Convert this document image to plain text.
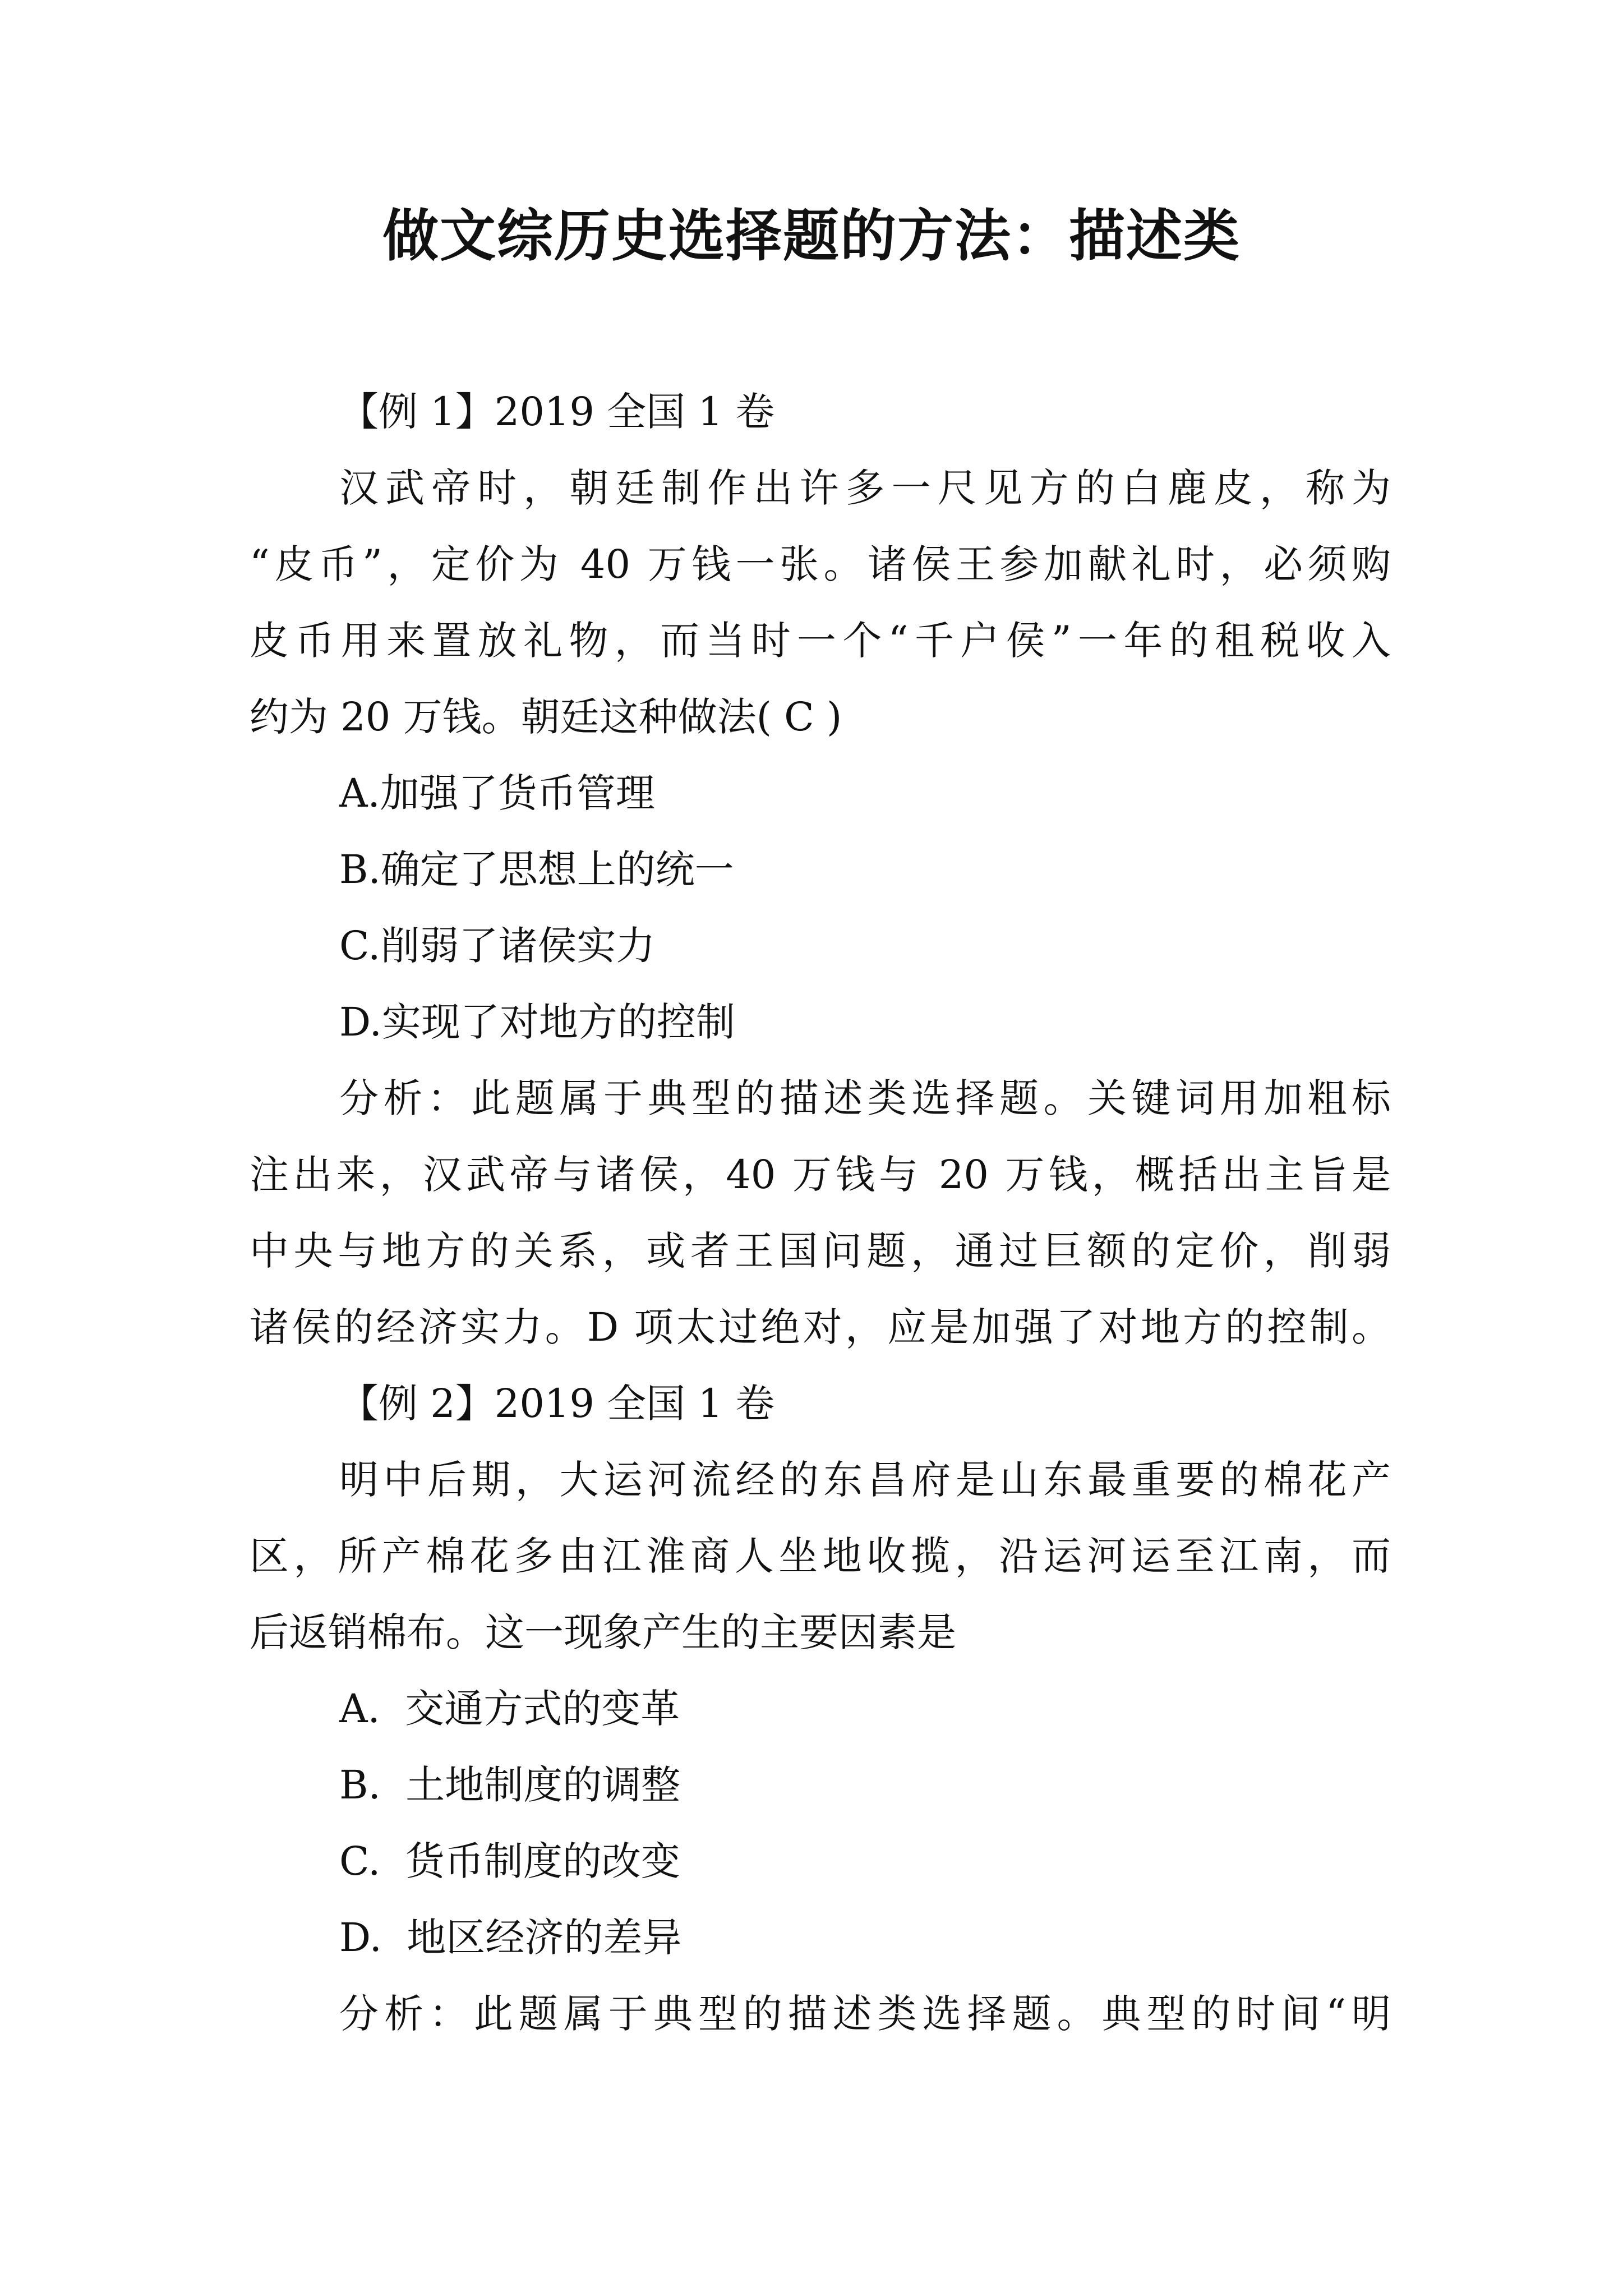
做文综历史选择题的方法：描述类

【例 1】2019 全国 1 卷

汉武帝时，朝廷制作出许多一尺见方的白鹿皮，称为

“皮币”，定价为 40 万钱一张。诸侯王参加献礼时，必须购

皮币用来置放礼物，而当时一个“千户侯”一年的租税收入

约为 20 万钱。朝廷这种做法( C )

A.加强了货币管理

B.确定了思想上的统一

C.削弱了诸侯实力

D.实现了对地方的控制

分析：此题属于典型的描述类选择题。关键词用加粗标

注出来，汉武帝与诸侯，40 万钱与 20 万钱，概括出主旨是

中央与地方的关系，或者王国问题，通过巨额的定价，削弱

诸侯的经济实力。D 项太过绝对，应是加强了对地方的控制。

【例 2】2019 全国 1 卷

明中后期，大运河流经的东昌府是山东最重要的棉花产

区，所产棉花多由江淮商人坐地收揽，沿运河运至江南，而

后返销棉布。这一现象产生的主要因素是

A.  交通方式的变革

B.  土地制度的调整

C.  货币制度的改变

D.  地区经济的差异

分析：此题属于典型的描述类选择题。典型的时间“明
